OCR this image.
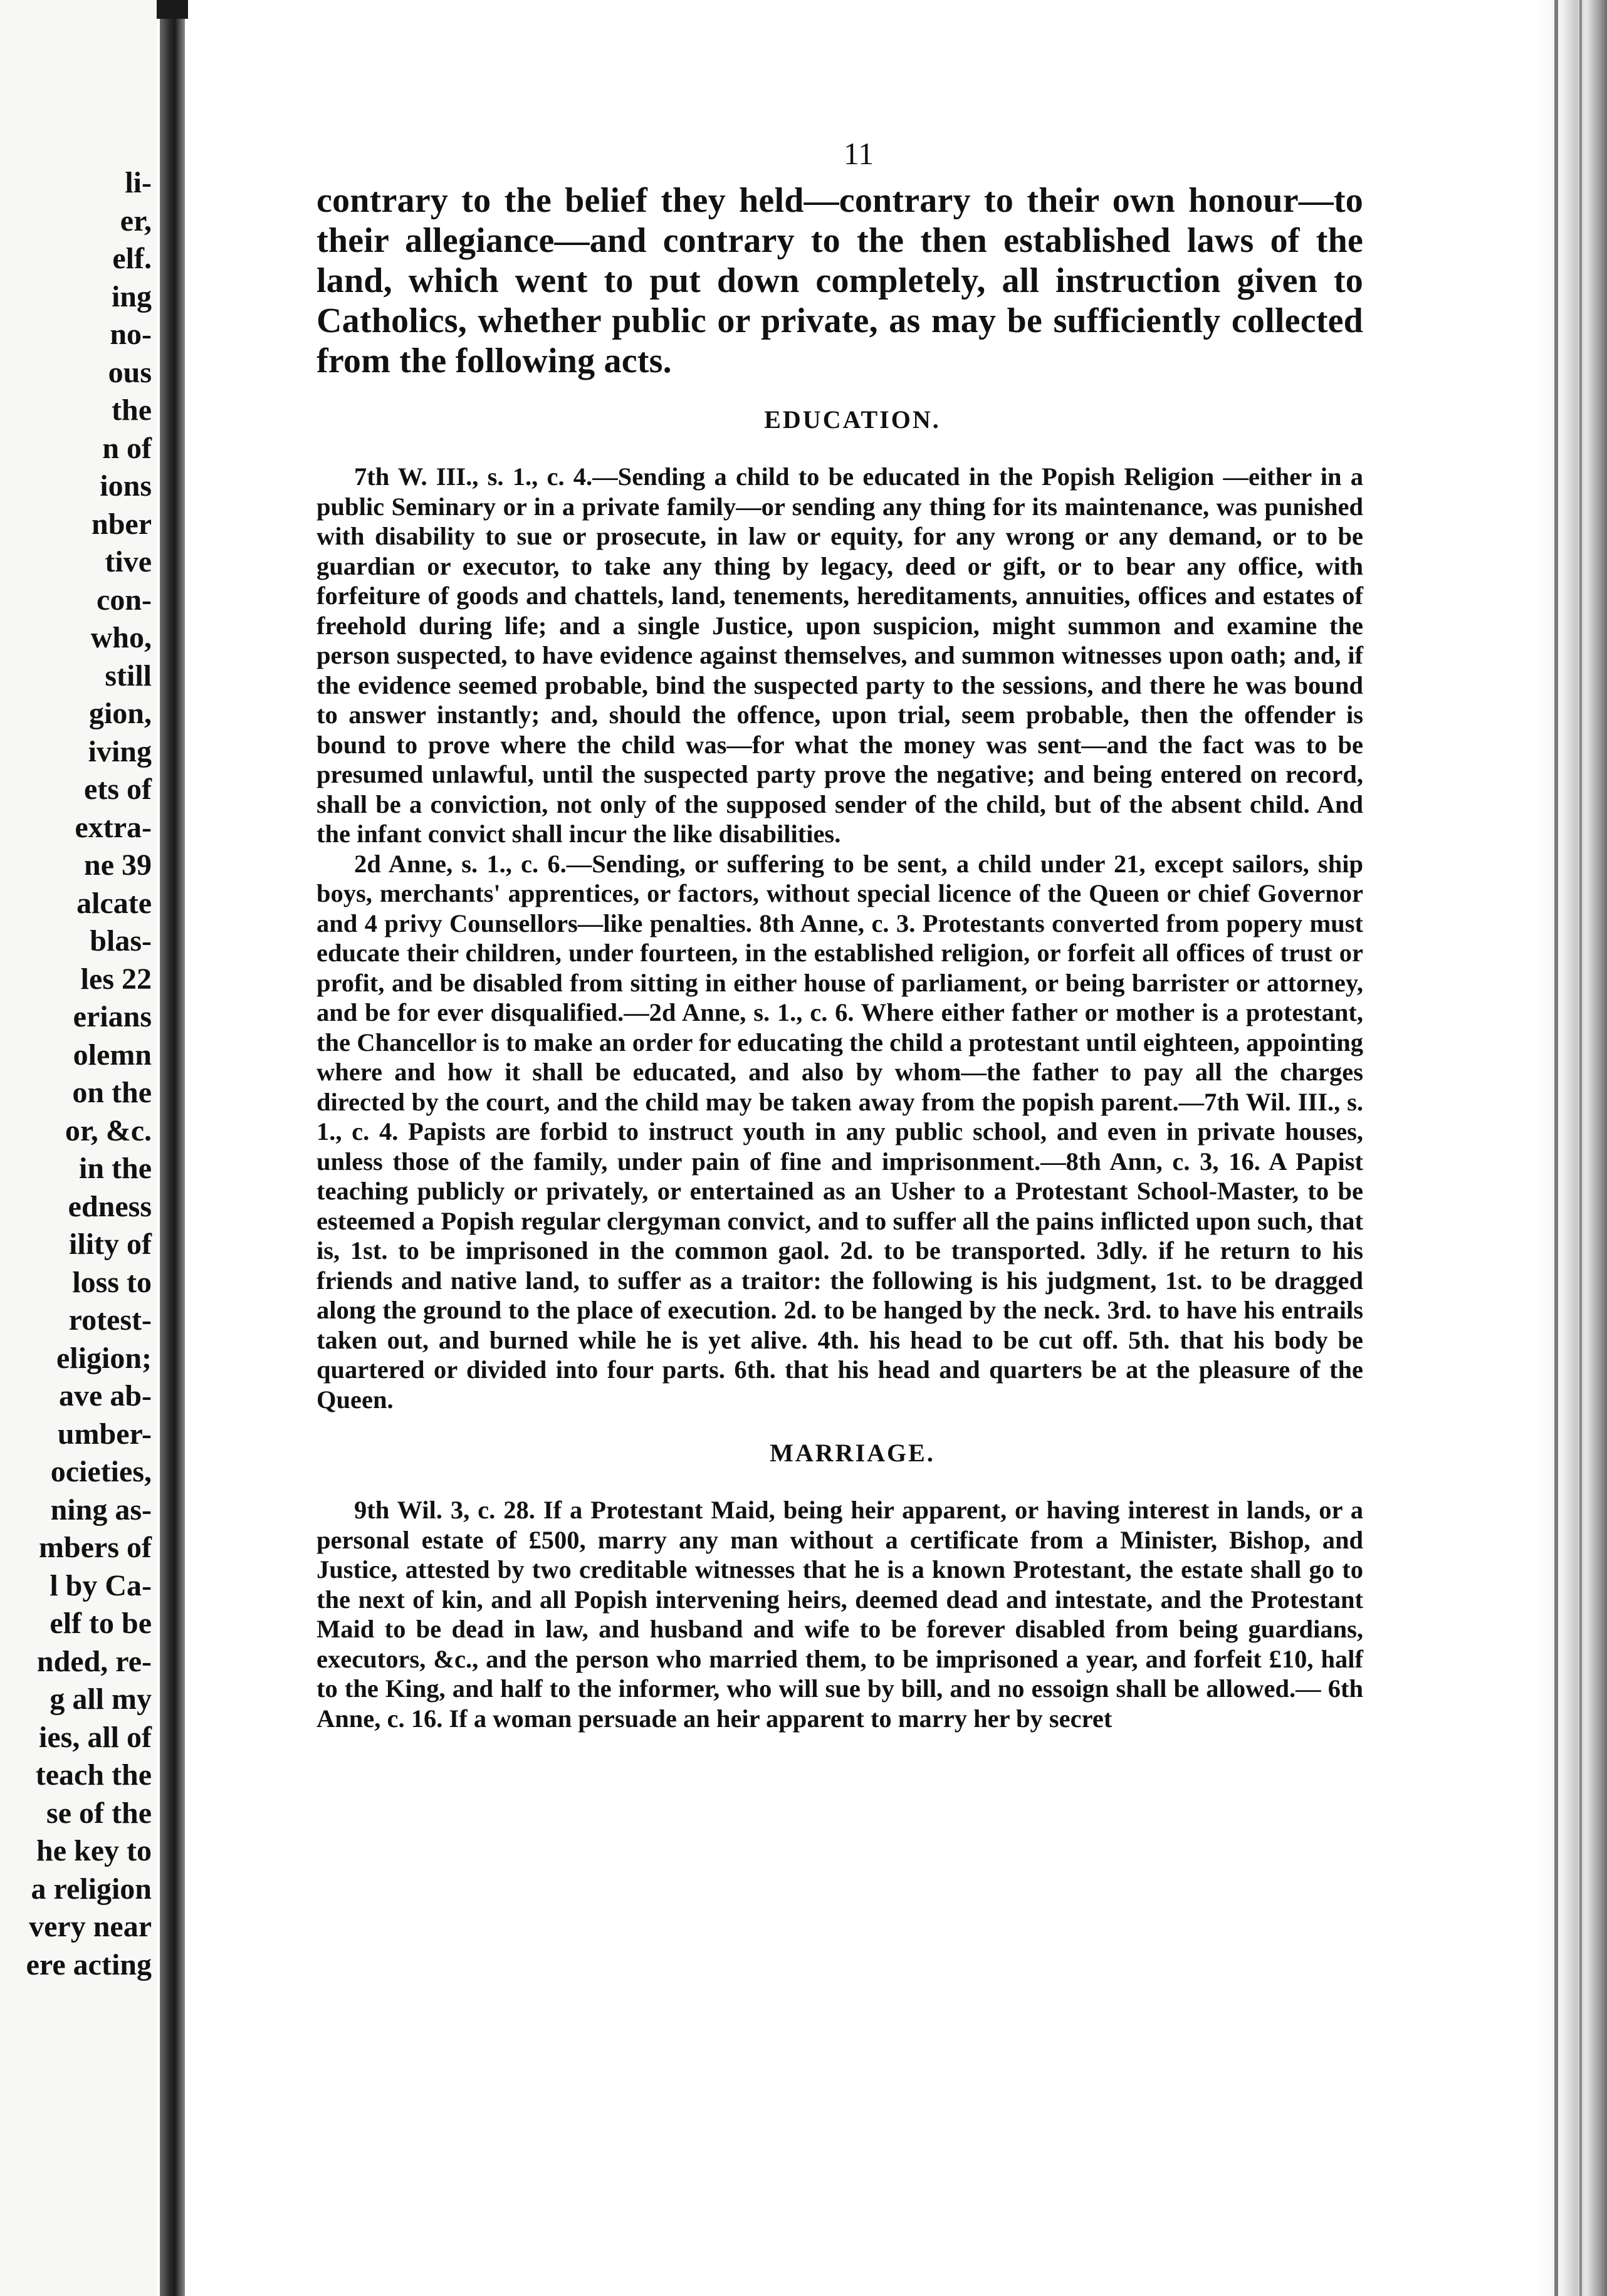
li-
er,
elf.
ing
no-
ous
the
n of
ions
nber
tive
con-
who,
still
gion,
iving
ets of
extra-
ne 39
alcate
blas-
les 22
erians
olemn
on the
or, &c.
in the
edness
ility of
loss to
rotest-
eligion;
ave ab-
umber-
ocieties,
ning as-
mbers of
l by Ca-
elf to be
nded, re-
g all my
ies, all of
teach the
se of the
he key to
a religion
very near
ere acting
11
contrary to the belief they held—contrary to their own honour—to their allegiance—and contrary to the then established laws of the land, which went to put down completely, all instruction given to Catholics, whether public or private, as may be sufficiently collected from the following acts.
EDUCATION.

7th W. III., s. 1., c. 4.—Sending a child to be educated in the Popish Religion —either in a public Seminary or in a private family—or sending any thing for its maintenance, was punished with disability to sue or prosecute, in law or equity, for any wrong or any demand, or to be guardian or executor, to take any thing by legacy, deed or gift, or to bear any office, with forfeiture of goods and chattels, land, tenements, hereditaments, annuities, offices and estates of freehold during life; and a single Justice, upon suspicion, might summon and examine the person suspected, to have evidence against themselves, and summon witnesses upon oath; and, if the evidence seemed probable, bind the suspected party to the sessions, and there he was bound to answer instantly; and, should the offence, upon trial, seem probable, then the offender is bound to prove where the child was—for what the money was sent—and the fact was to be presumed unlawful, until the suspected party prove the negative; and being entered on record, shall be a conviction, not only of the supposed sender of the child, but of the absent child. And the infant convict shall incur the like disabilities.

2d Anne, s. 1., c. 6.—Sending, or suffering to be sent, a child under 21, except sailors, ship boys, merchants' apprentices, or factors, without special licence of the Queen or chief Governor and 4 privy Counsellors—like penalties. 8th Anne, c. 3. Protestants converted from popery must educate their children, under fourteen, in the established religion, or forfeit all offices of trust or profit, and be disabled from sitting in either house of parliament, or being barrister or attorney, and be for ever disqualified.—2d Anne, s. 1., c. 6. Where either father or mother is a protestant, the Chancellor is to make an order for educating the child a protestant until eighteen, appointing where and how it shall be educated, and also by whom—the father to pay all the charges directed by the court, and the child may be taken away from the popish parent.—7th Wil. III., s. 1., c. 4. Papists are forbid to instruct youth in any public school, and even in private houses, unless those of the family, under pain of fine and imprisonment.—8th Ann, c. 3, 16. A Papist teaching publicly or privately, or entertained as an Usher to a Protestant School-Master, to be esteemed a Popish regular clergyman convict, and to suffer all the pains inflicted upon such, that is, 1st. to be imprisoned in the common gaol. 2d. to be transported. 3dly. if he return to his friends and native land, to suffer as a traitor: the following is his judgment, 1st. to be dragged along the ground to the place of execution. 2d. to be hanged by the neck. 3rd. to have his entrails taken out, and burned while he is yet alive. 4th. his head to be cut off. 5th. that his body be quartered or divided into four parts. 6th. that his head and quarters be at the pleasure of the Queen.

MARRIAGE.

9th Wil. 3, c. 28. If a Protestant Maid, being heir apparent, or having interest in lands, or a personal estate of £500, marry any man without a certificate from a Minister, Bishop, and Justice, attested by two creditable witnesses that he is a known Protestant, the estate shall go to the next of kin, and all Popish intervening heirs, deemed dead and intestate, and the Protestant Maid to be dead in law, and husband and wife to be forever disabled from being guardians, executors, &c., and the person who married them, to be imprisoned a year, and forfeit £10, half to the King, and half to the informer, who will sue by bill, and no essoign shall be allowed.— 6th Anne, c. 16. If a woman persuade an heir apparent to marry her by secret
